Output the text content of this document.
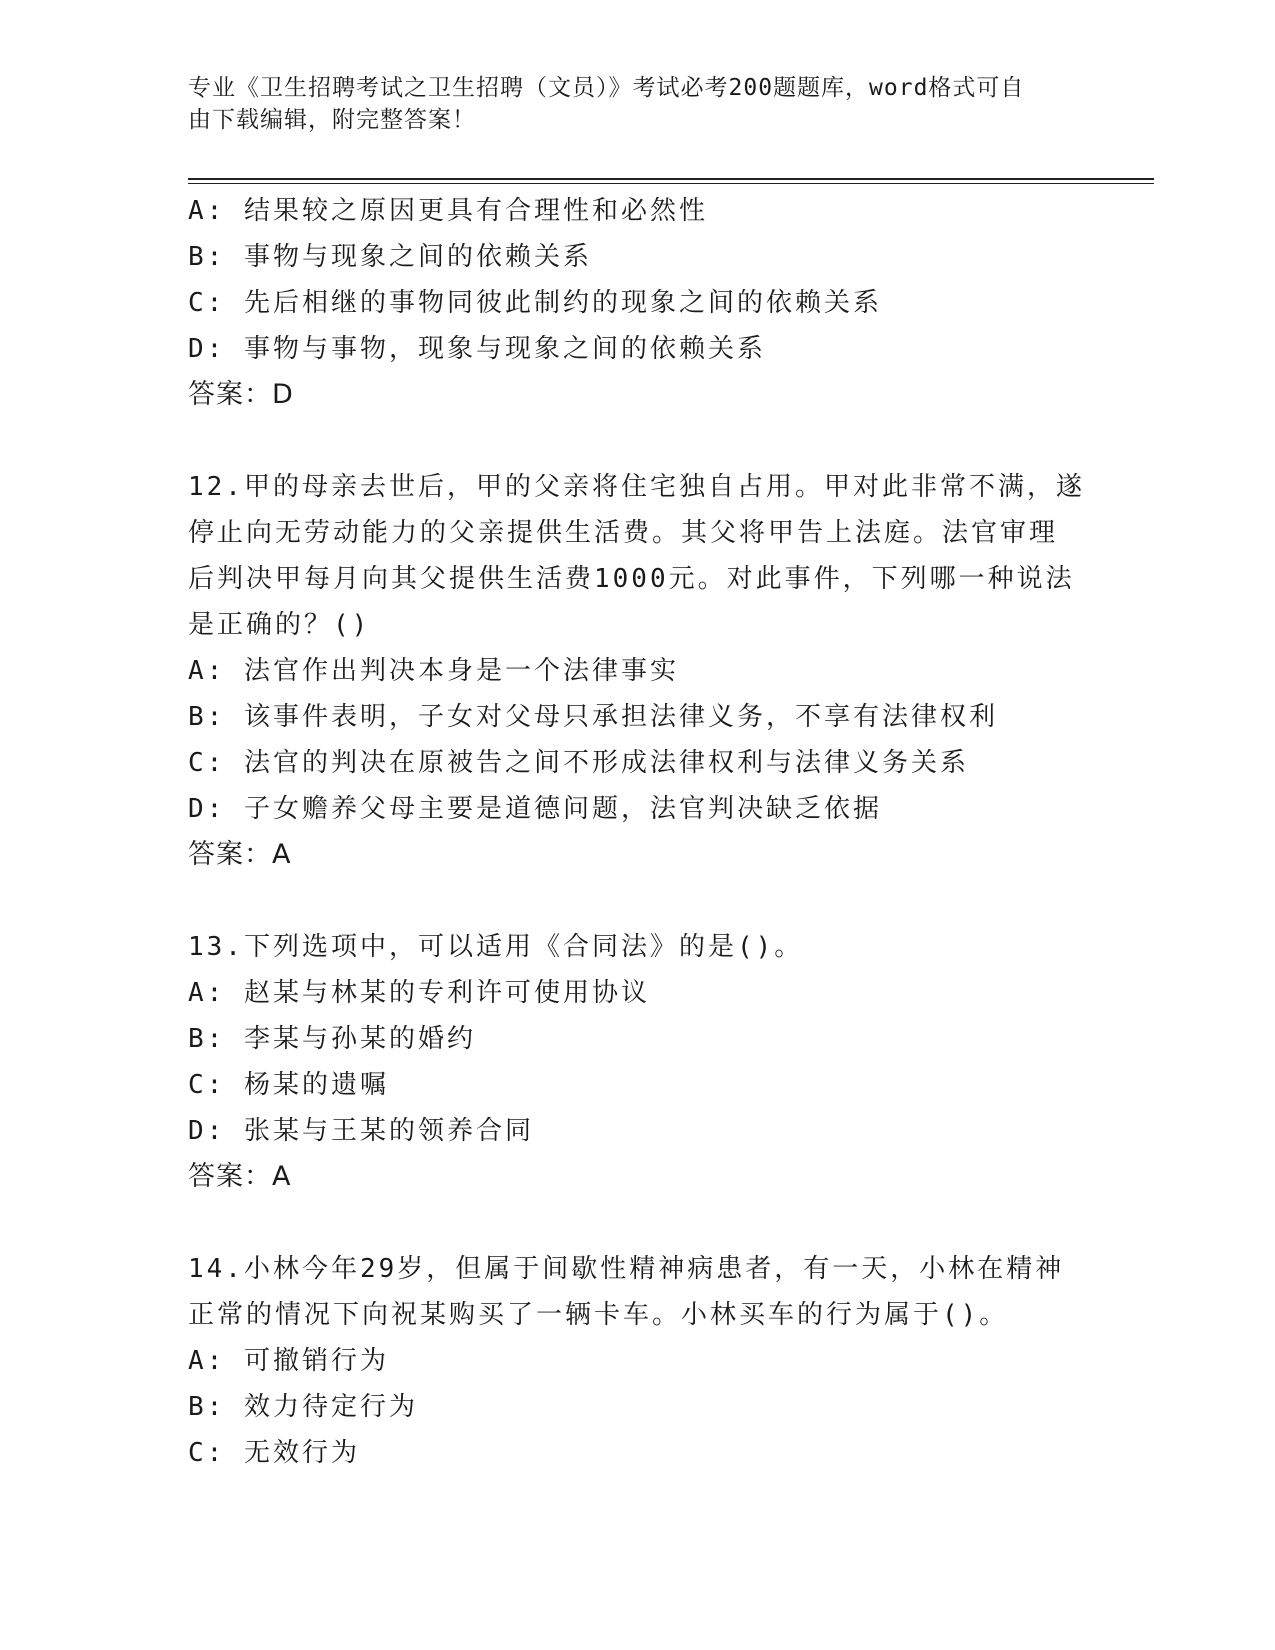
专业《卫生招聘考试之卫生招聘（文员）》考试必考200题题库，word格式可自
由下载编辑，附完整答案！
A: 结果较之原因更具有合理性和必然性
B: 事物与现象之间的依赖关系
C: 先后相继的事物同彼此制约的现象之间的依赖关系
D: 事物与事物，现象与现象之间的依赖关系
答案：D
12.甲的母亲去世后，甲的父亲将住宅独自占用。甲对此非常不满，遂
停止向无劳动能力的父亲提供生活费。其父将甲告上法庭。法官审理
后判决甲每月向其父提供生活费1000元。对此事件，下列哪一种说法
是正确的？()
A: 法官作出判决本身是一个法律事实
B: 该事件表明，子女对父母只承担法律义务，不享有法律权利
C: 法官的判决在原被告之间不形成法律权利与法律义务关系
D: 子女赡养父母主要是道德问题，法官判决缺乏依据
答案：A
13.下列选项中，可以适用《合同法》的是()。
A: 赵某与林某的专利许可使用协议
B: 李某与孙某的婚约
C: 杨某的遗嘱
D: 张某与王某的领养合同
答案：A
14.小林今年29岁，但属于间歇性精神病患者，有一天，小林在精神
正常的情况下向祝某购买了一辆卡车。小林买车的行为属于()。
A: 可撤销行为
B: 效力待定行为
C: 无效行为
